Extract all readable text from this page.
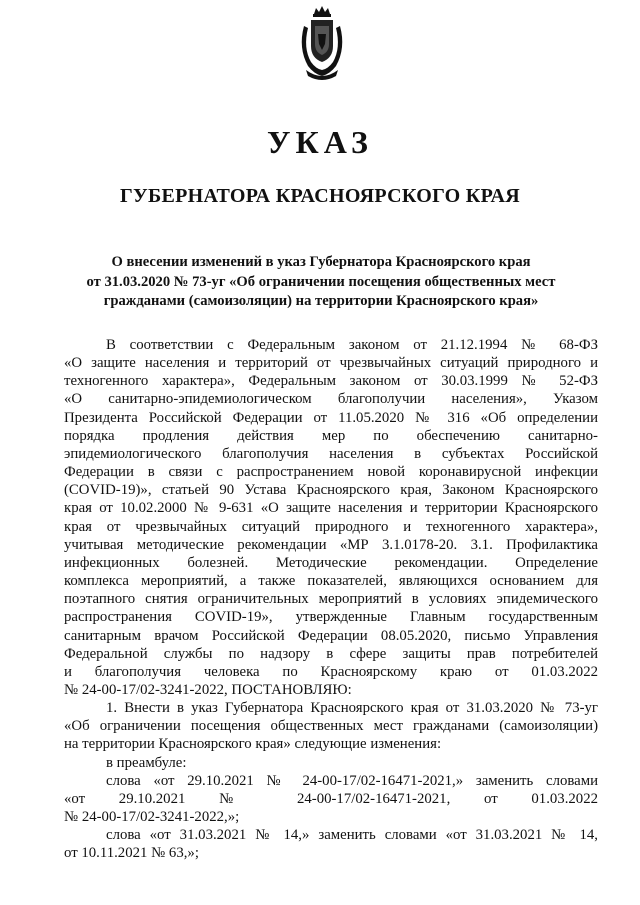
УКАЗ
ГУБЕРНАТОРА КРАСНОЯРСКОГО КРАЯ
О внесении изменений в указ Губернатора Красноярского края
от 31.03.2020 № 73-уг «Об ограничении посещения общественных мест
гражданами (самоизоляции) на территории Красноярского края»
В соответствии с Федеральным законом от 21.12.1994 № 68-ФЗ
«О защите населения и территорий от чрезвычайных ситуаций природного и
техногенного характера», Федеральным законом от 30.03.1999 № 52-ФЗ
«О санитарно-эпидемиологическом благополучии населения», Указом
Президента Российской Федерации от 11.05.2020 № 316 «Об определении
порядка продления действия мер по обеспечению санитарно-
эпидемиологического благополучия населения в субъектах Российской
Федерации в связи с распространением новой коронавирусной инфекции
(COVID-19)», статьей 90 Устава Красноярского края, Законом Красноярского
края от 10.02.2000 № 9-631 «О защите населения и территории Красноярского
края от чрезвычайных ситуаций природного и техногенного характера»,
учитывая методические рекомендации «МР 3.1.0178-20. 3.1. Профилактика
инфекционных болезней. Методические рекомендации. Определение
комплекса мероприятий, а также показателей, являющихся основанием для
поэтапного снятия ограничительных мероприятий в условиях эпидемического
распространения COVID-19», утвержденные Главным государственным
санитарным врачом Российской Федерации 08.05.2020, письмо Управления
Федеральной службы по надзору в сфере защиты прав потребителей
и благополучия человека по Красноярскому краю от 01.03.2022
№ 24-00-17/02-3241-2022, ПОСТАНОВЛЯЮ:
1. Внести в указ Губернатора Красноярского края от 31.03.2020 № 73-уг
«Об ограничении посещения общественных мест гражданами (самоизоляции)
на территории Красноярского края» следующие изменения:
в преамбуле:
слова «от 29.10.2021 № 24-00-17/02-16471-2021,» заменить словами
«от 29.10.2021 № 24-00-17/02-16471-2021, от 01.03.2022
№ 24-00-17/02-3241-2022,»;
слова «от 31.03.2021 № 14,» заменить словами «от 31.03.2021 № 14,
от 10.11.2021 № 63,»;
